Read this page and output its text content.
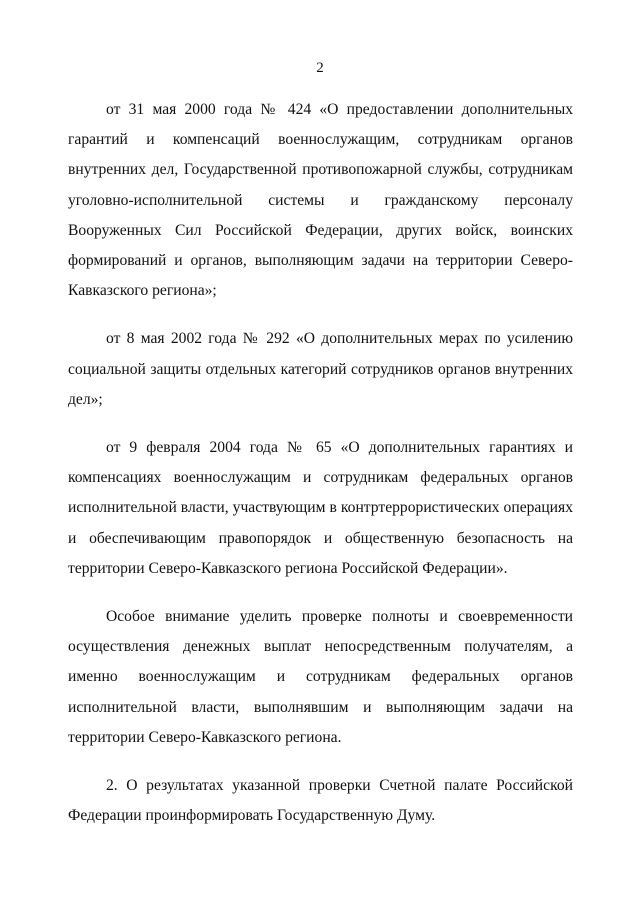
2

от 31 мая 2000 года № 424 «О предоставлении дополнительных гарантий и компенсаций военнослужащим, сотрудникам органов внутренних дел, Государственной противопожарной службы, сотрудникам уголовно-исполнительной системы и гражданскому персоналу Вооруженных Сил Российской Федерации, других войск, воинских формирований и органов, выполняющим задачи на территории Северо-Кавказского региона»;

от 8 мая 2002 года № 292 «О дополнительных мерах по усилению социальной защиты отдельных категорий сотрудников органов внутренних дел»;

от 9 февраля 2004 года № 65 «О дополнительных гарантиях и компенсациях военнослужащим и сотрудникам федеральных органов исполнительной власти, участвующим в контртеррористических операциях и обеспечивающим правопорядок и общественную безопасность на территории Северо-Кавказского региона Российской Федерации».

Особое внимание уделить проверке полноты и своевременности осуществления денежных выплат непосредственным получателям, а именно военнослужащим и сотрудникам федеральных органов исполнительной власти, выполнявшим и выполняющим задачи на территории Северо-Кавказского региона.

2. О результатах указанной проверки Счетной палате Российской Федерации проинформировать Государственную Думу.
